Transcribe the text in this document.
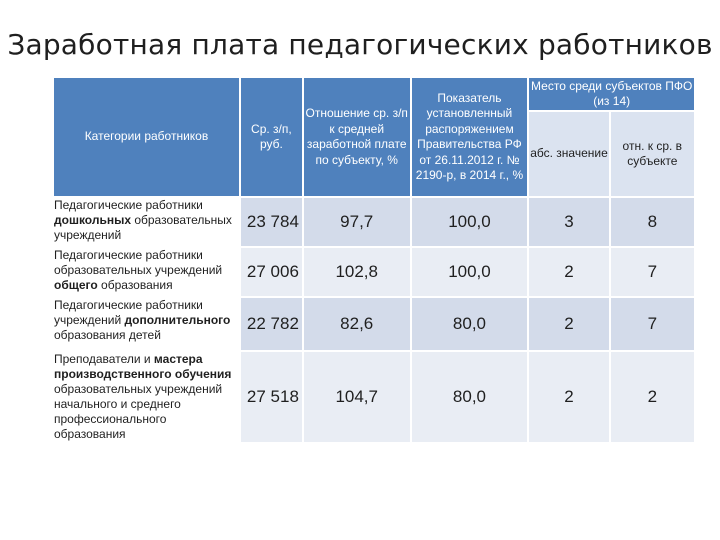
Заработная плата педагогических работников
Категории работников	Ср. з/п, руб.	Отношение ср. з/п к средней заработной плате по субъекту, %	Показатель установленный распоряжением Правительства РФ от 26.11.2012 г. № 2190-р, в 2014 г., %	Место среди субъектов ПФО (из 14)	
				абс. значение	отн. к ср. в субъекте
Педагогические работники дошкольных образовательных учреждений	23 784	97,7	100,0	3	8
Педагогические работники образовательных учреждений общего образования	27 006	102,8	100,0	2	7
Педагогические работники учреждений дополнительного образования детей	22 782	82,6	80,0	2	7
Преподаватели и мастера производственного обучения образовательных учреждений начального и среднего профессионального образования	27 518	104,7	80,0	2	2
